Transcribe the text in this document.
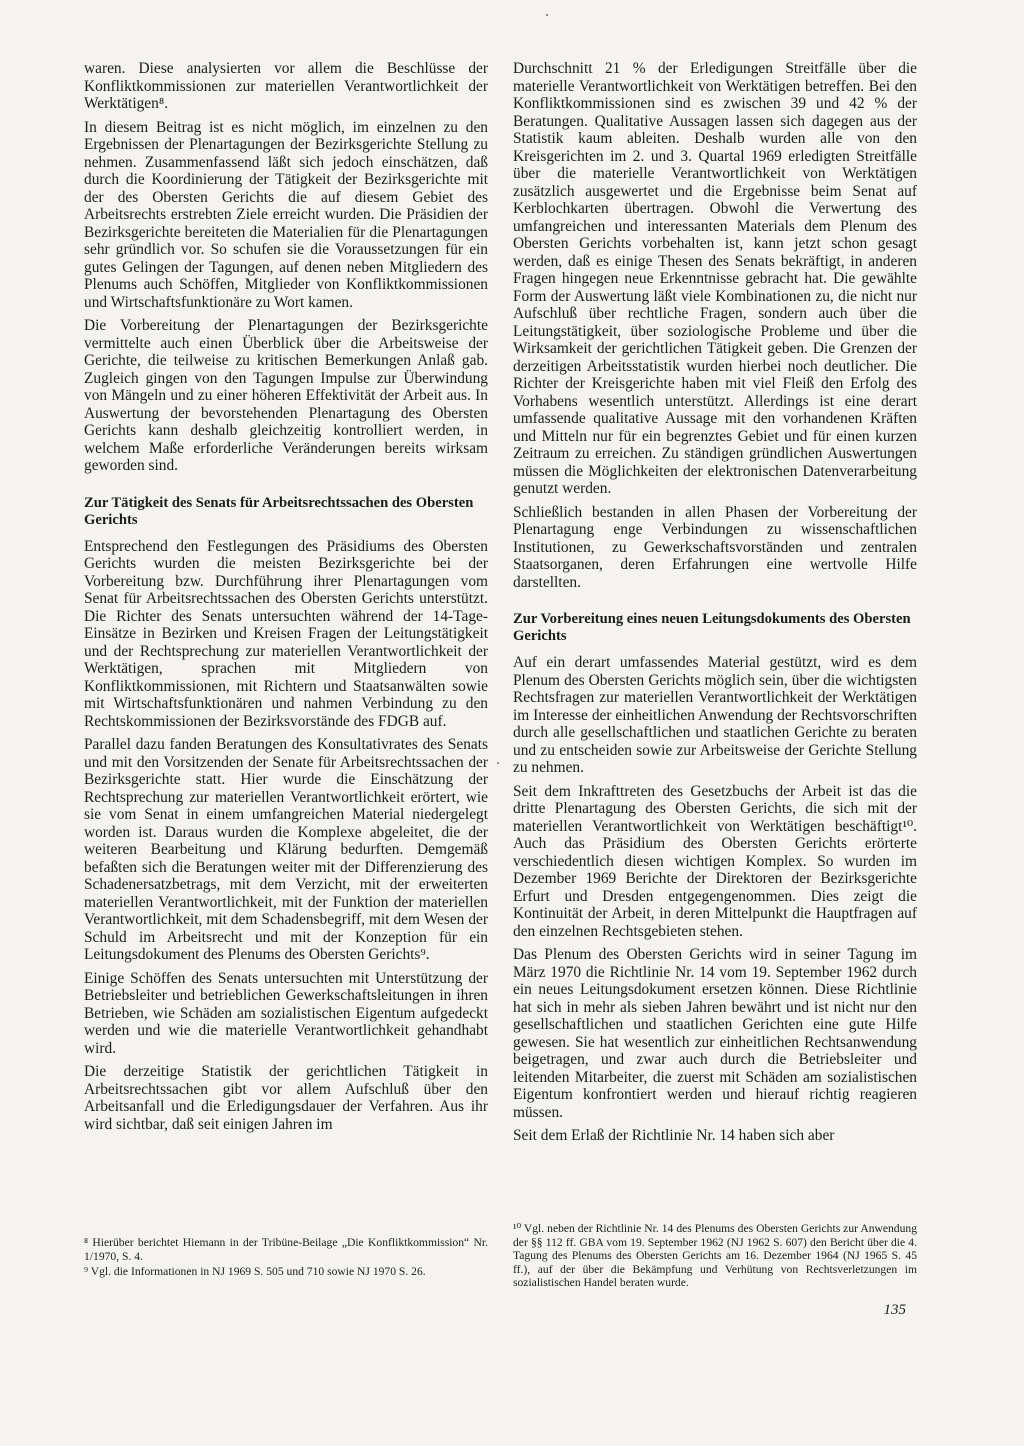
waren. Diese analysierten vor allem die Beschlüsse der Konfliktkommissionen zur materiellen Verantwortlichkeit der Werktätigen⁸.

In diesem Beitrag ist es nicht möglich, im einzelnen zu den Ergebnissen der Plenartagungen der Bezirksgerichte Stellung zu nehmen. Zusammenfassend läßt sich jedoch einschätzen, daß durch die Koordinierung der Tätigkeit der Bezirksgerichte mit der des Obersten Gerichts die auf diesem Gebiet des Arbeitsrechts erstrebten Ziele erreicht wurden. Die Präsidien der Bezirksgerichte bereiteten die Materialien für die Plenartagungen sehr gründlich vor. So schufen sie die Voraussetzungen für ein gutes Gelingen der Tagungen, auf denen neben Mitgliedern des Plenums auch Schöffen, Mitglieder von Konfliktkommissionen und Wirtschaftsfunktionäre zu Wort kamen.

Die Vorbereitung der Plenartagungen der Bezirksgerichte vermittelte auch einen Überblick über die Arbeitsweise der Gerichte, die teilweise zu kritischen Bemerkungen Anlaß gab. Zugleich gingen von den Tagungen Impulse zur Überwindung von Mängeln und zu einer höheren Effektivität der Arbeit aus. In Auswertung der bevorstehenden Plenartagung des Obersten Gerichts kann deshalb gleichzeitig kontrolliert werden, in welchem Maße erforderliche Veränderungen bereits wirksam geworden sind.

Zur Tätigkeit des Senats für Arbeitsrechtssachen des Obersten Gerichts

Entsprechend den Festlegungen des Präsidiums des Obersten Gerichts wurden die meisten Bezirksgerichte bei der Vorbereitung bzw. Durchführung ihrer Plenartagungen vom Senat für Arbeitsrechtssachen des Obersten Gerichts unterstützt. Die Richter des Senats untersuchten während der 14-Tage-Einsätze in Bezirken und Kreisen Fragen der Leitungstätigkeit und der Rechtsprechung zur materiellen Verantwortlichkeit der Werktätigen, sprachen mit Mitgliedern von Konfliktkommissionen, mit Richtern und Staatsanwälten sowie mit Wirtschaftsfunktionären und nahmen Verbindung zu den Rechtskommissionen der Bezirksvorstände des FDGB auf.

Parallel dazu fanden Beratungen des Konsultativrates des Senats und mit den Vorsitzenden der Senate für Arbeitsrechtssachen der Bezirksgerichte statt. Hier wurde die Einschätzung der Rechtsprechung zur materiellen Verantwortlichkeit erörtert, wie sie vom Senat in einem umfangreichen Material niedergelegt worden ist. Daraus wurden die Komplexe abgeleitet, die der weiteren Bearbeitung und Klärung bedurften. Demgemäß befaßten sich die Beratungen weiter mit der Differenzierung des Schadenersatzbetrags, mit dem Verzicht, mit der erweiterten materiellen Verantwortlichkeit, mit der Funktion der materiellen Verantwortlichkeit, mit dem Schadensbegriff, mit dem Wesen der Schuld im Arbeitsrecht und mit der Konzeption für ein Leitungsdokument des Plenums des Obersten Gerichts⁹.

Einige Schöffen des Senats untersuchten mit Unterstützung der Betriebsleiter und betrieblichen Gewerkschaftsleitungen in ihren Betrieben, wie Schäden am sozialistischen Eigentum aufgedeckt werden und wie die materielle Verantwortlichkeit gehandhabt wird.

Die derzeitige Statistik der gerichtlichen Tätigkeit in Arbeitsrechtssachen gibt vor allem Aufschluß über den Arbeitsanfall und die Erledigungsdauer der Verfahren. Aus ihr wird sichtbar, daß seit einigen Jahren im

⁸ Hierüber berichtet Hiemann in der Tribüne-Beilage „Die Konfliktkommission“ Nr. 1/1970, S. 4.

⁹ Vgl. die Informationen in NJ 1969 S. 505 und 710 sowie NJ 1970 S. 26.

Durchschnitt 21 % der Erledigungen Streitfälle über die materielle Verantwortlichkeit von Werktätigen betreffen. Bei den Konfliktkommissionen sind es zwischen 39 und 42 % der Beratungen. Qualitative Aussagen lassen sich dagegen aus der Statistik kaum ableiten. Deshalb wurden alle von den Kreisgerichten im 2. und 3. Quartal 1969 erledigten Streitfälle über die materielle Verantwortlichkeit von Werktätigen zusätzlich ausgewertet und die Ergebnisse beim Senat auf Kerblochkarten übertragen. Obwohl die Verwertung des umfangreichen und interessanten Materials dem Plenum des Obersten Gerichts vorbehalten ist, kann jetzt schon gesagt werden, daß es einige Thesen des Senats bekräftigt, in anderen Fragen hingegen neue Erkenntnisse gebracht hat. Die gewählte Form der Auswertung läßt viele Kombinationen zu, die nicht nur Aufschluß über rechtliche Fragen, sondern auch über die Leitungstätigkeit, über soziologische Probleme und über die Wirksamkeit der gerichtlichen Tätigkeit geben. Die Grenzen der derzeitigen Arbeitsstatistik wurden hierbei noch deutlicher. Die Richter der Kreisgerichte haben mit viel Fleiß den Erfolg des Vorhabens wesentlich unterstützt. Allerdings ist eine derart umfassende qualitative Aussage mit den vorhandenen Kräften und Mitteln nur für ein begrenztes Gebiet und für einen kurzen Zeitraum zu erreichen. Zu ständigen gründlichen Auswertungen müssen die Möglichkeiten der elektronischen Datenverarbeitung genutzt werden.

Schließlich bestanden in allen Phasen der Vorbereitung der Plenartagung enge Verbindungen zu wissenschaftlichen Institutionen, zu Gewerkschaftsvorständen und zentralen Staatsorganen, deren Erfahrungen eine wertvolle Hilfe darstellten.

Zur Vorbereitung eines neuen Leitungsdokuments des Obersten Gerichts

Auf ein derart umfassendes Material gestützt, wird es dem Plenum des Obersten Gerichts möglich sein, über die wichtigsten Rechtsfragen zur materiellen Verantwortlichkeit der Werktätigen im Interesse der einheitlichen Anwendung der Rechtsvorschriften durch alle gesellschaftlichen und staatlichen Gerichte zu beraten und zu entscheiden sowie zur Arbeitsweise der Gerichte Stellung zu nehmen.

Seit dem Inkrafttreten des Gesetzbuchs der Arbeit ist das die dritte Plenartagung des Obersten Gerichts, die sich mit der materiellen Verantwortlichkeit von Werktätigen beschäftigt¹⁰. Auch das Präsidium des Obersten Gerichts erörterte verschiedentlich diesen wichtigen Komplex. So wurden im Dezember 1969 Berichte der Direktoren der Bezirksgerichte Erfurt und Dresden entgegengenommen. Dies zeigt die Kontinuität der Arbeit, in deren Mittelpunkt die Hauptfragen auf den einzelnen Rechtsgebieten stehen.

Das Plenum des Obersten Gerichts wird in seiner Tagung im März 1970 die Richtlinie Nr. 14 vom 19. September 1962 durch ein neues Leitungsdokument ersetzen können. Diese Richtlinie hat sich in mehr als sieben Jahren bewährt und ist nicht nur den gesellschaftlichen und staatlichen Gerichten eine gute Hilfe gewesen. Sie hat wesentlich zur einheitlichen Rechtsanwendung beigetragen, und zwar auch durch die Betriebsleiter und leitenden Mitarbeiter, die zuerst mit Schäden am sozialistischen Eigentum konfrontiert werden und hierauf richtig reagieren müssen.

Seit dem Erlaß der Richtlinie Nr. 14 haben sich aber

¹⁰ Vgl. neben der Richtlinie Nr. 14 des Plenums des Obersten Gerichts zur Anwendung der §§ 112 ff. GBA vom 19. September 1962 (NJ 1962 S. 607) den Bericht über die 4. Tagung des Plenums des Obersten Gerichts am 16. Dezember 1964 (NJ 1965 S. 45 ff.), auf der über die Bekämpfung und Verhütung von Rechtsverletzungen im sozialistischen Handel beraten wurde.

135
